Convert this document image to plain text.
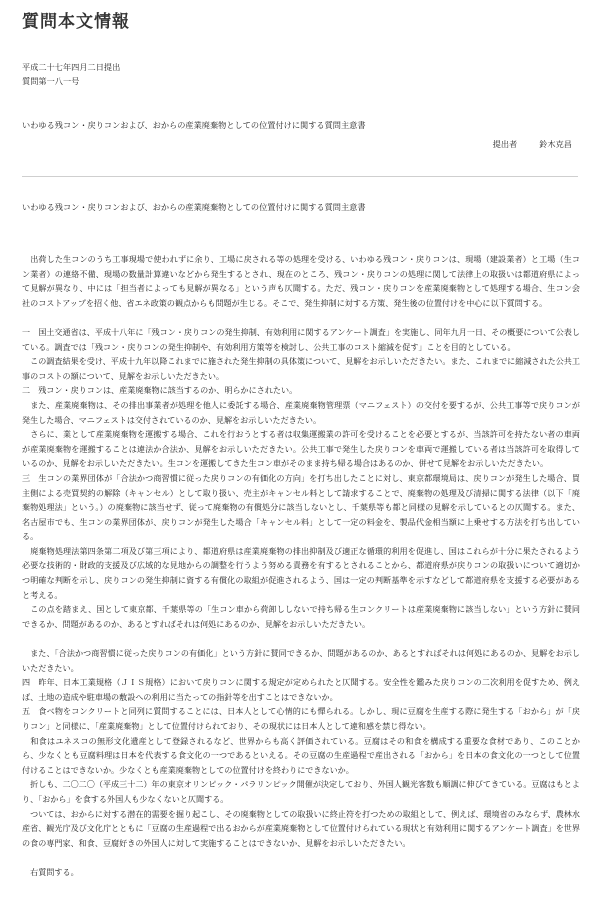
質問本文情報
平成二十七年四月二日提出
質問第一八一号
いわゆる残コン・戻りコンおよび、おからの産業廃棄物としての位置付けに関する質問主意書
提出者	鈴木克昌
いわゆる残コン・戻りコンおよび、おからの産業廃棄物としての位置付けに関する質問主意書

　出荷した生コンのうち工事現場で使われずに余り、工場に戻される等の処理を受ける、いわゆる残コン・戻りコンは、現場（建設業者）と工場（生コン業者）の連絡不備、現場の数量計算違いなどから発生するとされ、現在のところ、残コン・戻りコンの処理に関して法律上の取扱いは都道府県によって見解が異なり、中には「担当者によっても見解が異なる」という声も仄聞する。ただ、残コン・戻りコンを産業廃棄物として処理する場合、生コン会社のコストアップを招く他、省エネ政策の観点からも問題が生じる。そこで、発生抑制に対する方策、発生後の位置付けを中心に以下質問する。

一　国土交通省は、平成十八年に「残コン・戻りコンの発生抑制、有効利用に関するアンケート調査」を実施し、同年九月一日、その概要について公表している。調査では「残コン・戻りコンの発生抑制や、有効利用方策等を検討し、公共工事のコスト縮減を促す」ことを目的としている。

　この調査結果を受け、平成十九年以降これまでに施された発生抑制の具体策について、見解をお示しいただきたい。また、これまでに縮減された公共工事のコストの額について、見解をお示しいただきたい。

二　残コン・戻りコンは、産業廃棄物に該当するのか、明らかにされたい。

　また、産業廃棄物は、その排出事業者が処理を他人に委託する場合、産業廃棄物管理票（マニフェスト）の交付を要するが、公共工事等で戻りコンが発生した場合、マニフェストは交付されているのか、見解をお示しいただきたい。

　さらに、業として産業廃棄物を運搬する場合、これを行おうとする者は収集運搬業の許可を受けることを必要とするが、当該許可を持たない者の車両が産業廃棄物を運搬することは違法か合法か、見解をお示しいただきたい。公共工事で発生した戻りコンを車両で運搬している者は当該許可を取得しているのか、見解をお示しいただきたい。生コンを運搬してきた生コン車がそのまま持ち帰る場合はあるのか、併せて見解をお示しいただきたい。

三　生コンの業界団体が「合法かつ商習慣に従った戻りコンの有価化の方向」を打ち出したことに対し、東京都環境局は、戻りコンが発生した場合、買主側による売買契約の解除（キャンセル）として取り扱い、売主がキャンセル料として請求することで、廃棄物の処理及び清掃に関する法律（以下「廃棄物処理法」という。）の廃棄物に該当せず、従って廃棄物の有償処分に該当しないとし、千葉県等も都と同様の見解を示しているとの仄聞する。また、名古屋市でも、生コンの業界団体が、戻りコンが発生した場合「キャンセル料」として一定の料金を、製品代金相当額に上乗せする方法を打ち出している。

　廃棄物処理法第四条第二項及び第三項により、都道府県は産業廃棄物の排出抑制及び適正な循環的利用を促進し、国はこれらが十分に果たされるよう必要な技術的・財政的支援及び広域的な見地からの調整を行うよう努める責務を有するとされることから、都道府県が戻りコンの取扱いについて適切かつ明確な判断を示し、戻りコンの発生抑制に資する有償化の取組が促進されるよう、国は一定の判断基準を示すなどして都道府県を支援する必要があると考える。

　この点を踏まえ、国として東京都、千葉県等の「生コン車から荷卸ししないで持ち帰る生コンクリートは産業廃棄物に該当しない」という方針に賛同できるか、問題があるのか、あるとすればそれは何処にあるのか、見解をお示しいただきたい。

　また、「合法かつ商習慣に従った戻りコンの有価化」という方針に賛同できるか、問題があるのか、あるとすればそれは何処にあるのか、見解をお示しいただきたい。

四　昨年、日本工業規格（ＪＩＳ規格）において戻りコンに関する規定が定められたと仄聞する。安全性を鑑みた戻りコンの二次利用を促すため、例えば、土地の造成や駐車場の敷設への利用に当たっての指針等を出すことはできないか。

五　食べ物をコンクリートと同列に質問することには、日本人として心情的にも憚られる。しかし、現に豆腐を生産する際に発生する「おから」が「戻りコン」と同様に、「産業廃棄物」として位置付けられており、その現状には日本人として違和感を禁じ得ない。

　和食はユネスコの無形文化遺産として登録されるなど、世界からも高く評価されている。豆腐はその和食を構成する重要な食材であり、このことから、少なくとも豆腐料理は日本を代表する食文化の一つであるといえる。その豆腐の生産過程で産出される「おから」を日本の食文化の一つとして位置付けることはできないか。少なくとも産業廃棄物としての位置付けを終わりにできないか。

　折しも、二〇二〇（平成三十二）年の東京オリンピック・パラリンピック開催が決定しており、外国人観光客数も順調に伸びてきている。豆腐はもとより、「おから」を食する外国人も少なくないと仄聞する。

　ついては、おからに対する潜在的需要を掘り起こし、その廃棄物としての取扱いに終止符を打つための取組として、例えば、環境省のみならず、農林水産省、観光庁及び文化庁とともに「豆腐の生産過程で出るおからが産業廃棄物として位置付けられている現状と有効利用に関するアンケート調査」を世界の食の専門家、和食、豆腐好きの外国人に対して実施することはできないか、見解をお示しいただきたい。

　右質問する。
